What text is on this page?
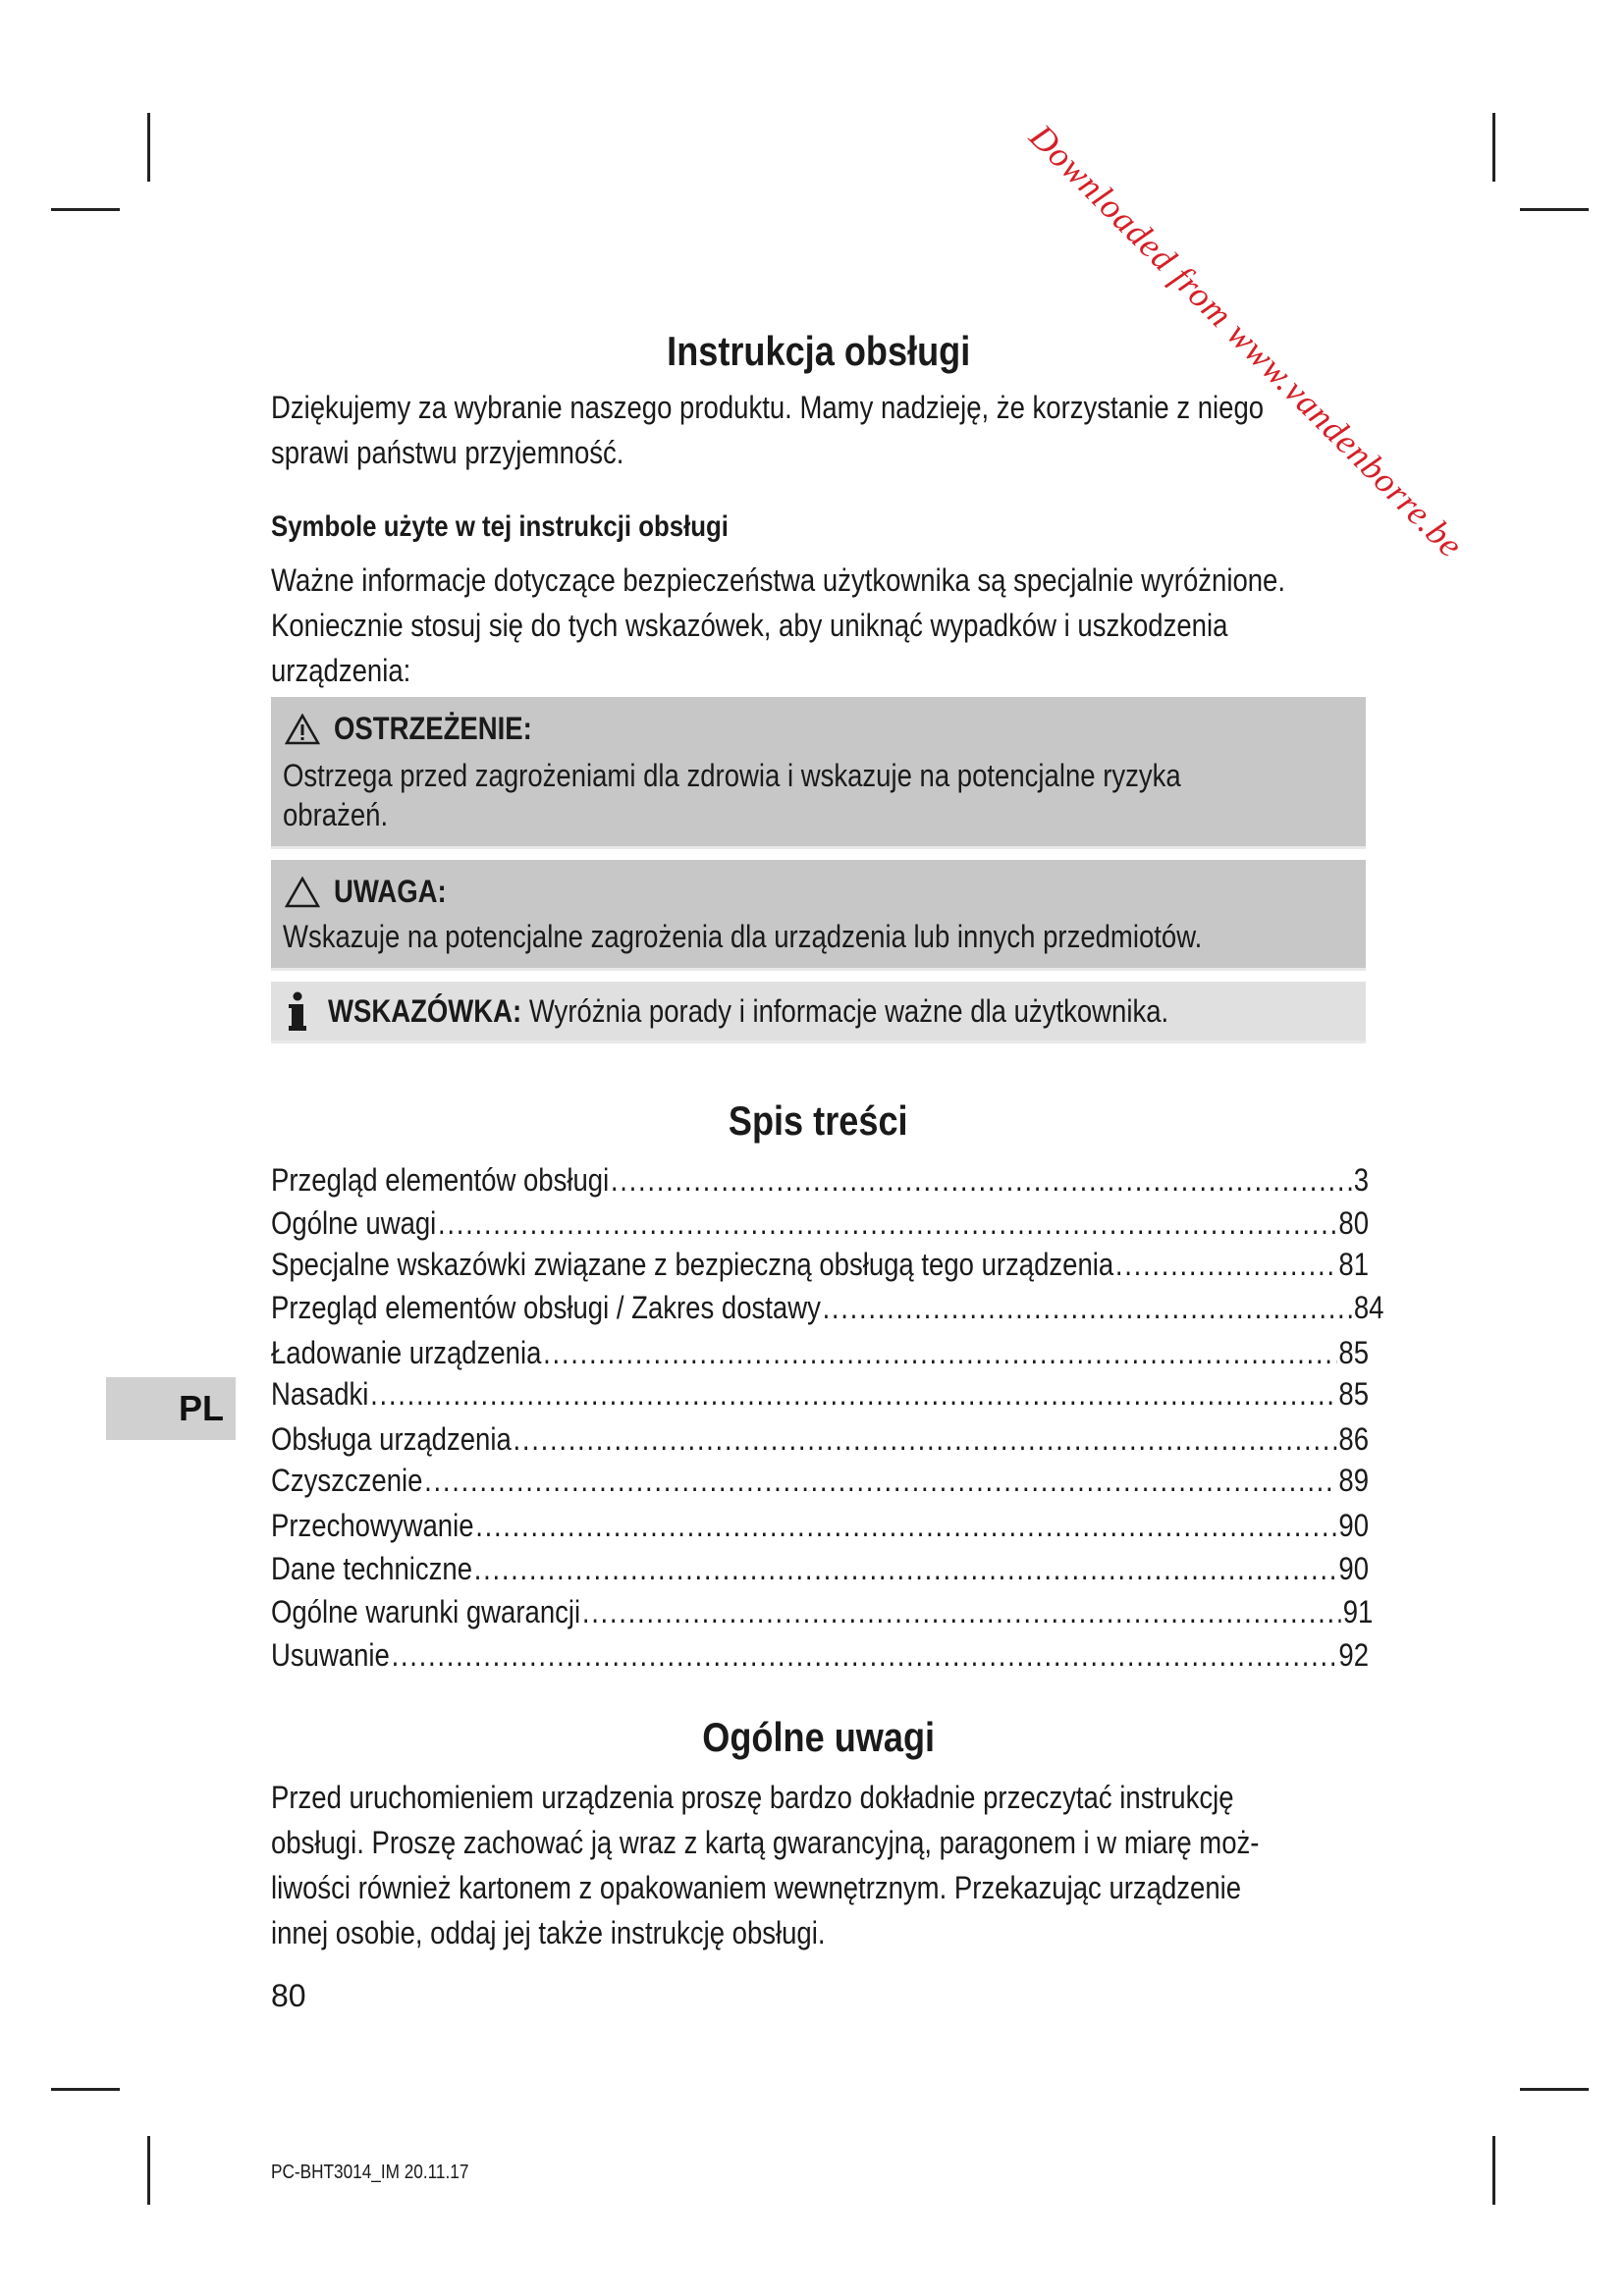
Downloaded from www.vandenborre.be
Instrukcja obsługi
Dziękujemy za wybranie naszego produktu. Mamy nadzieję, że korzystanie z niego
sprawi państwu przyjemność.
Symbole użyte w tej instrukcji obsługi
Ważne informacje dotyczące bezpieczeństwa użytkownika są specjalnie wyróżnione.
Koniecznie stosuj się do tych wskazówek, aby uniknąć wypadków i uszkodzenia
urządzenia:
OSTRZEŻENIE:
Ostrzega przed zagrożeniami dla zdrowia i wskazuje na potencjalne ryzyka
obrażeń.
UWAGA:
Wskazuje na potencjalne zagrożenia dla urządzenia lub innych przedmiotów.
WSKAZÓWKA: Wyróżnia porady i informacje ważne dla użytkownika.
Spis treści
Przegląd elementów obsługi .....	3
Ogólne uwagi .....	80
Specjalne wskazówki związane z bezpieczną obsługą tego urządzenia .....	81
Przegląd elementów obsługi / Zakres dostawy .....	84
Ładowanie urządzenia .....	85
Nasadki .....	85
Obsługa urządzenia .....	86
Czyszczenie .....	89
Przechowywanie .....	90
Dane techniczne .....	90
Ogólne warunki gwarancji .....	91
Usuwanie .....	92
Ogólne uwagi
Przed uruchomieniem urządzenia proszę bardzo dokładnie przeczytać instrukcję
obsługi. Proszę zachować ją wraz z kartą gwarancyjną, paragonem i w miarę moż-
liwości również kartonem z opakowaniem wewnętrznym. Przekazując urządzenie
innej osobie, oddaj jej także instrukcję obsługi.
PL
80
PC-BHT3014_IM 20.11.17
